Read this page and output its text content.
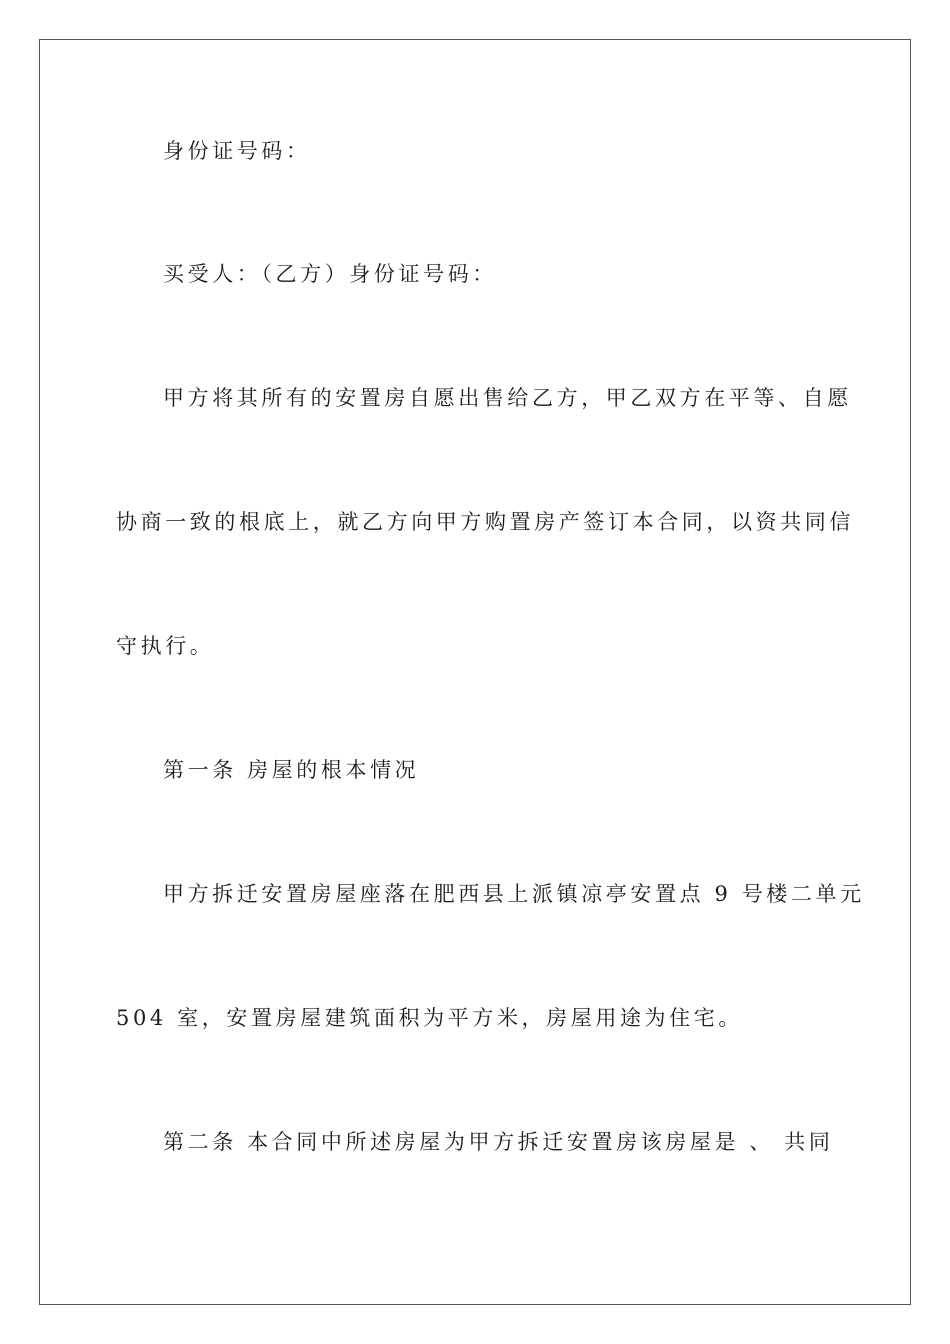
身份证号码：
买受人：（乙方）身份证号码：
甲方将其所有的安置房自愿出售给乙方，甲乙双方在平等、自愿
协商一致的根底上，就乙方向甲方购置房产签订本合同，以资共同信
守执行。
第一条 房屋的根本情况
甲方拆迁安置房屋座落在肥西县上派镇凉亭安置点 9 号楼二单元
504 室，安置房屋建筑面积为平方米，房屋用途为住宅。
第二条 本合同中所述房屋为甲方拆迁安置房该房屋是 、 共同
